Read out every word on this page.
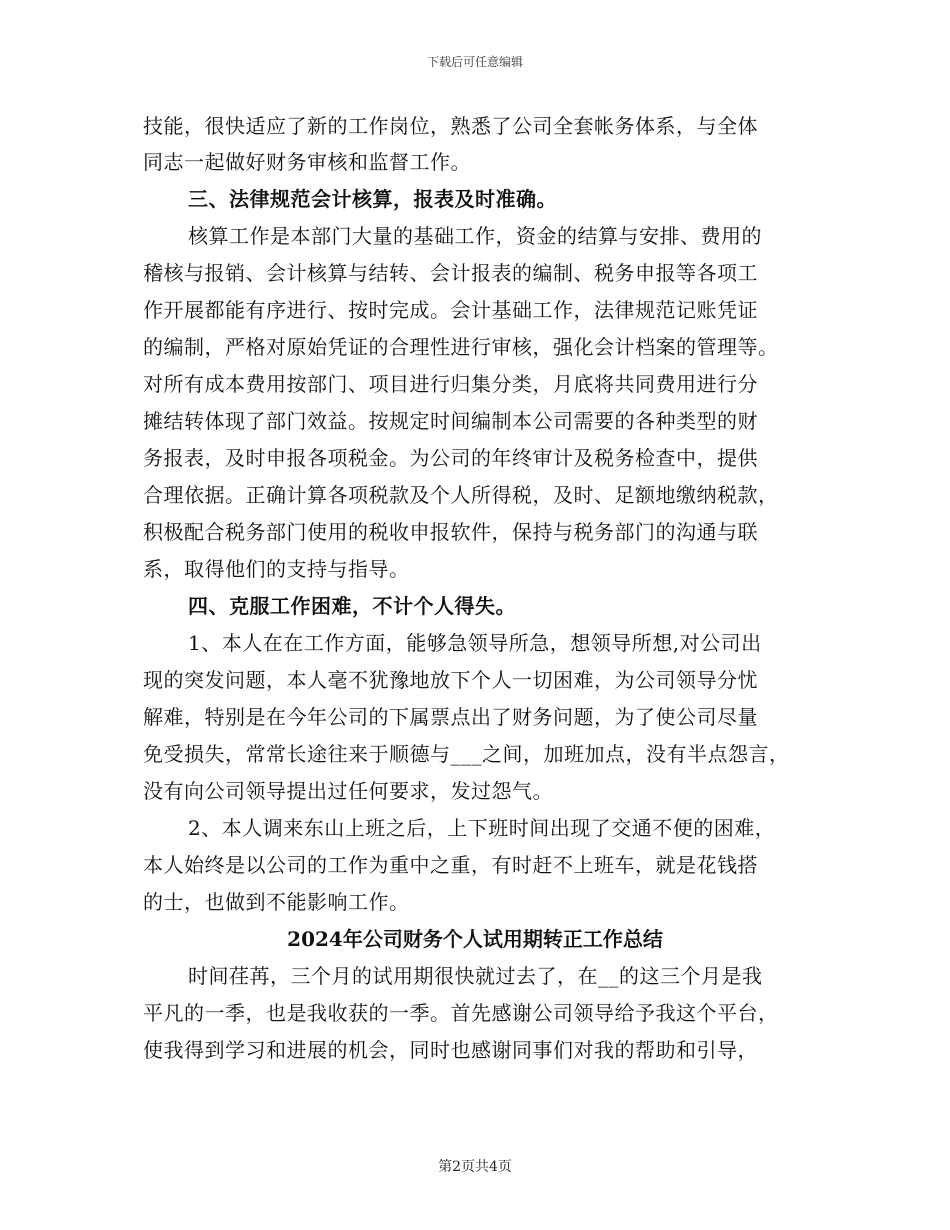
下载后可任意编辑
技能，很快适应了新的工作岗位，熟悉了公司全套帐务体系，与全体
同志一起做好财务审核和监督工作。
三、法律规范会计核算，报表及时准确。
核算工作是本部门大量的基础工作，资金的结算与安排、费用的
稽核与报销、会计核算与结转、会计报表的编制、税务申报等各项工
作开展都能有序进行、按时完成。会计基础工作，法律规范记账凭证
的编制，严格对原始凭证的合理性进行审核，强化会计档案的管理等。
对所有成本费用按部门、项目进行归集分类，月底将共同费用进行分
摊结转体现了部门效益。按规定时间编制本公司需要的各种类型的财
务报表，及时申报各项税金。为公司的年终审计及税务检查中，提供
合理依据。正确计算各项税款及个人所得税，及时、足额地缴纳税款，
积极配合税务部门使用的税收申报软件，保持与税务部门的沟通与联
系，取得他们的支持与指导。
四、克服工作困难，不计个人得失。
1、本人在在工作方面，能够急领导所急，想领导所想,对公司出
现的突发问题，本人毫不犹豫地放下个人一切困难，为公司领导分忧
解难，特别是在今年公司的下属票点出了财务问题，为了使公司尽量
免受损失，常常长途往来于顺德与___之间，加班加点，没有半点怨言，
没有向公司领导提出过任何要求，发过怨气。
2、本人调来东山上班之后，上下班时间出现了交通不便的困难，
本人始终是以公司的工作为重中之重，有时赶不上班车，就是花钱搭
的士，也做到不能影响工作。
2024年公司财务个人试用期转正工作总结
时间荏苒，三个月的试用期很快就过去了，在__的这三个月是我
平凡的一季，也是我收获的一季。首先感谢公司领导给予我这个平台，
使我得到学习和进展的机会，同时也感谢同事们对我的帮助和引导，
第2页共4页
